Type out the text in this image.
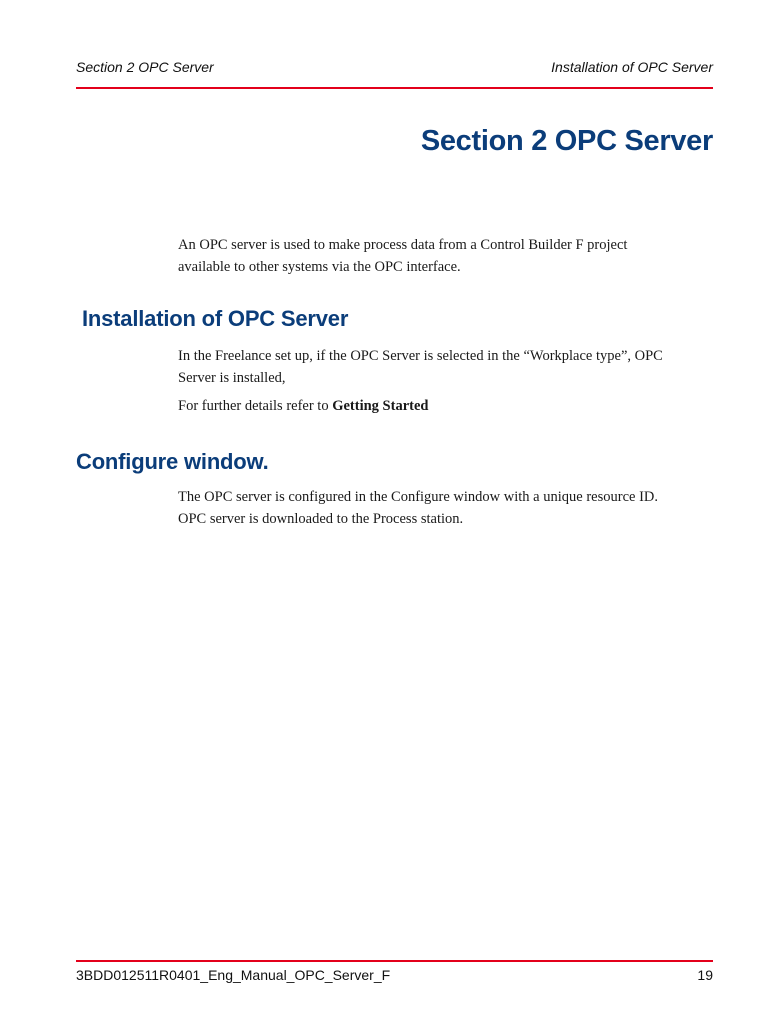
Section 2 OPC Server	Installation of OPC Server
Section 2 OPC Server
An OPC server is used to make process data from a Control Builder F project
available to other systems via the OPC interface.
Installation of OPC Server
In the Freelance set up, if the OPC Server is selected in the “Workplace type”, OPC
Server is installed,
For further details refer to Getting Started
Configure window.
The OPC server is configured in the Configure window with a unique resource ID.
OPC server is downloaded to the Process station.
3BDD012511R0401_Eng_Manual_OPC_Server_F	19
